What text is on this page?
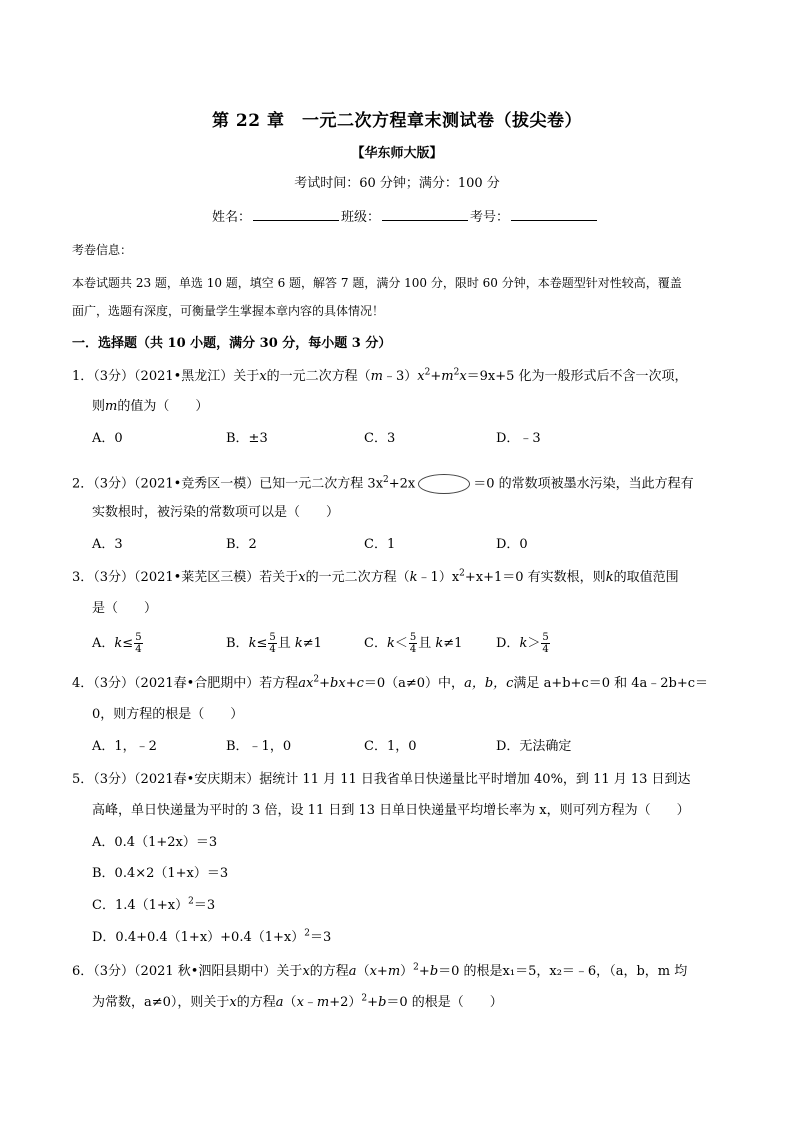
第 22 章　一元二次方程章末测试卷（拔尖卷）
【华东师大版】
考试时间：60 分钟；满分：100 分
姓名：	班级：	考号：
考卷信息：
本卷试题共 23 题，单选 10 题，填空 6 题，解答 7 题，满分 100 分，限时 60 分钟，本卷题型针对性较高，覆盖
面广，选题有深度，可衡量学生掌握本章内容的具体情况！
一．选择题（共 10 小题，满分 30 分，每小题 3 分）
1．（3分）（2021•黑龙江）关于x的一元二次方程$(m﹣3)x^2+m^2x=9x+5$ 化为一般形式后不含一次项，
则m的值为（　　）
A．0	B．±3	C．3	D．﹣3
2．（3分）（2021•竞秀区一模）已知一元二次方程 $3x^2+2x$	＝0 的常数项被墨水污染，当此方程有
实数根时，被污染的常数项可以是（　　）
A．3	B．2	C．1	D．0
3．（3分）（2021•莱芜区三模）若关于x的一元二次方程$(k﹣1)x^2+x+1=0$ 有实数根，则k的取值范围
是（　　）
A．$k\le \frac{5}{4}$	B．$k\le \frac{5}{4}$ 且 k≠1	C．$k< \frac{5}{4}$ 且 k≠1	D．$k> \frac{5}{4}$
4．（3分）（2021春•合肥期中）若方程$ax^2+bx+c=0(a\ne 0)$中，a，b，c满足 a+b+c＝0 和 4a﹣2b+c＝
0，则方程的根是（　　）
A．1，﹣2	B．﹣1，0	C．1，0	D．无法确定
5．（3分）（2021春•安庆期末）据统计 11 月 11 日我省单日快递量比平时增加 40%，到 11 月 13 日到达
高峰，单日快递量为平时的 3 倍，设 11 日到 13 日单日快递量平均增长率为 x，则可列方程为（　　）
A．0.4（1+2x）＝3
B．0.4×2（1+x）＝3
C．$1.4(1+x)^2=3$
D．$0.4+0.4(1+x)+0.4(1+x)^2=3$
6．（3分）（2021 秋•泗阳县期中）关于x的方程$a(x+m)^2+b=0$ 的根是x₁＝5，x₂＝﹣6，（a，b，m 均
为常数，a≠0），则关于x的方程a（x﹣m+2）$^2$+b＝0 的根是（　　）
